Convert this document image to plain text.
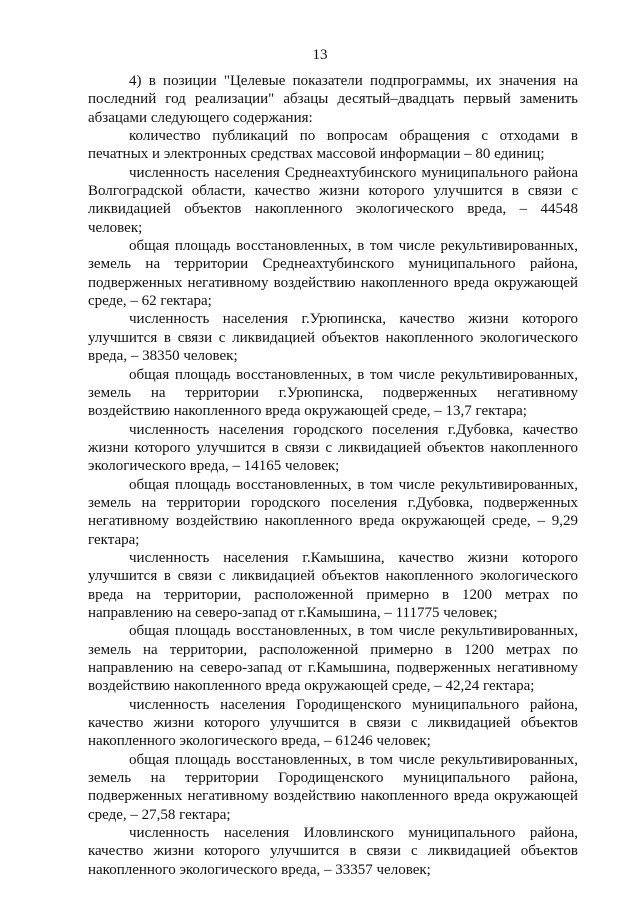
13

4) в позиции "Целевые показатели подпрограммы, их значения на последний год реализации" абзацы десятый–двадцать первый заменить абзацами следующего содержания:

количество публикаций по вопросам обращения с отходами в печатных и электронных средствах массовой информации – 80 единиц;

численность населения Среднеахтубинского муниципального района Волгоградской области, качество жизни которого улучшится в связи с ликвидацией объектов накопленного экологического вреда, – 44548 человек;

общая площадь восстановленных, в том числе рекультивированных, земель на территории Среднеахтубинского муниципального района, подверженных негативному воздействию накопленного вреда окружающей среде, – 62 гектара;

численность населения г.Урюпинска, качество жизни которого улучшится в связи с ликвидацией объектов накопленного экологического вреда, – 38350 человек;

общая площадь восстановленных, в том числе рекультивированных, земель на территории г.Урюпинска, подверженных негативному воздействию накопленного вреда окружающей среде, – 13,7 гектара;

численность населения городского поселения г.Дубовка, качество жизни которого улучшится в связи с ликвидацией объектов накопленного экологического вреда, – 14165 человек;

общая площадь восстановленных, в том числе рекультивированных, земель на территории городского поселения г.Дубовка, подверженных негативному воздействию накопленного вреда окружающей среде, – 9,29 гектара;

численность населения г.Камышина, качество жизни которого улучшится в связи с ликвидацией объектов накопленного экологического вреда на территории, расположенной примерно в 1200 метрах по направлению на северо-запад от г.Камышина, – 111775 человек;

общая площадь восстановленных, в том числе рекультивированных, земель на территории, расположенной примерно в 1200 метрах по направлению на северо-запад от г.Камышина, подверженных негативному воздействию накопленного вреда окружающей среде, – 42,24 гектара;

численность населения Городищенского муниципального района, качество жизни которого улучшится в связи с ликвидацией объектов накопленного экологического вреда, – 61246 человек;

общая площадь восстановленных, в том числе рекультивированных, земель на территории Городищенского муниципального района, подверженных негативному воздействию накопленного вреда окружающей среде, – 27,58 гектара;

численность населения Иловлинского муниципального района, качество жизни которого улучшится в связи с ликвидацией объектов накопленного экологического вреда, – 33357 человек;
